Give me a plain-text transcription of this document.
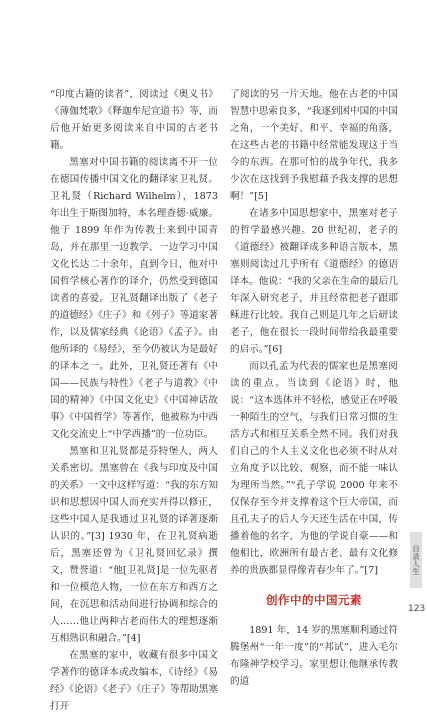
“印度古籍的读者”，阅读过《奥义书》《薄伽梵歌》《释迦牟尼宣道书》等，而后他开始更多阅读来自中国的古老书籍。

黑塞对中国书籍的阅读离不开一位在德国传播中国文化的翻译家卫礼贤。卫礼贤（Richard Wilhelm），1873 年出生于斯图加特，本名理查德·威廉。他于 1899 年作为传教士来到中国青岛，并在那里一边教学、一边学习中国文化长达二十余年，直到今日，他对中国哲学核心著作的译介，仍然受到德国读者的喜爱。卫礼贤翻译出版了《老子的道德经》《庄子》和《列子》等道家著作，以及儒家经典《论语》《孟子》。由他所译的《易经》，至今仍被认为是最好的译本之一。此外，卫礼贤还著有《中国——民族与特性》《老子与道教》《中国的精神》《中国文化史》《中国神话故事》《中国哲学》等著作，他被称为中西文化交流史上“中学西播”的一位功臣。

黑塞和卫礼贤都是芬特堡人，两人关系密切。黑塞曾在《我与印度及中国的关系》一文中这样写道：“我的东方知识和思想因中国人而充实并得以修正，这些中国人是我通过卫礼贤的译著逐渐认识的。”[3] 1930 年，在卫礼贤病逝后，黑塞还曾为《卫礼贤回忆录》撰文，赞誉道：“他[卫礼贤]是一位先驱者和一位模范人物，一位在东方和西方之间，在沉思和活动间进行协调和综合的人……他让两种古老而伟大的理想逐渐互相熟识和融合。”[4]

在黑塞的家中，收藏有很多中国文学著作的德译本或改编本，《诗经》《易经》《论语》《老子》《庄子》等帮助黑塞打开

了阅读的另一片天地。他在古老的中国智慧中思索良多，“我逐到困中国的中国之角，一个美好、和平、幸福的角落，在这些古老的书籍中经常能发现这于当今的东西。在那可怕的战争年代，我多少次在这找到予我慰藉予我支撑的思想啊！”[5]

在诸多中国思想家中，黑塞对老子的哲学最感兴趣。20 世纪初，老子的《道德经》被翻译成多种语言版本，黑塞则阅读过几乎所有《道德经》的德语译本。他说：“我的父亲在生命的最后几年深入研究老子，并且经常把老子跟耶稣进行比较。我自己则是几年之后研读老子，他在很长一段时间带给我最重要的启示。”[6]

而以孔孟为代表的儒家也是黑塞阅读的重点。当读到《论语》时，他说：“这本选体并不轻松，感觉正在呼吸一种陌生的空气，与我们日常习惯的生活方式和相互关系全然不同。我们对我们自己的个人主义文化也必须不时从对立角度予以比较、观察，而不能一味认为理所当然。”“孔子学说 2000 年来不仅保存至今并支撑着这个巨大帝国，而且孔夫子的后人今天还生活在中国，传播着他的名字，为他的学说自豪——和他相比，欧洲所有最古老、最有文化修养的贵族都显得像青春少年了。”[7]

创作中的中国元素

1891 年，14 岁的黑塞顺利通过符腾堡州“一年一度”的“邦试”，进入毛尔布隆神学校学习。家里想让他继承传教的道

目录人生
123
